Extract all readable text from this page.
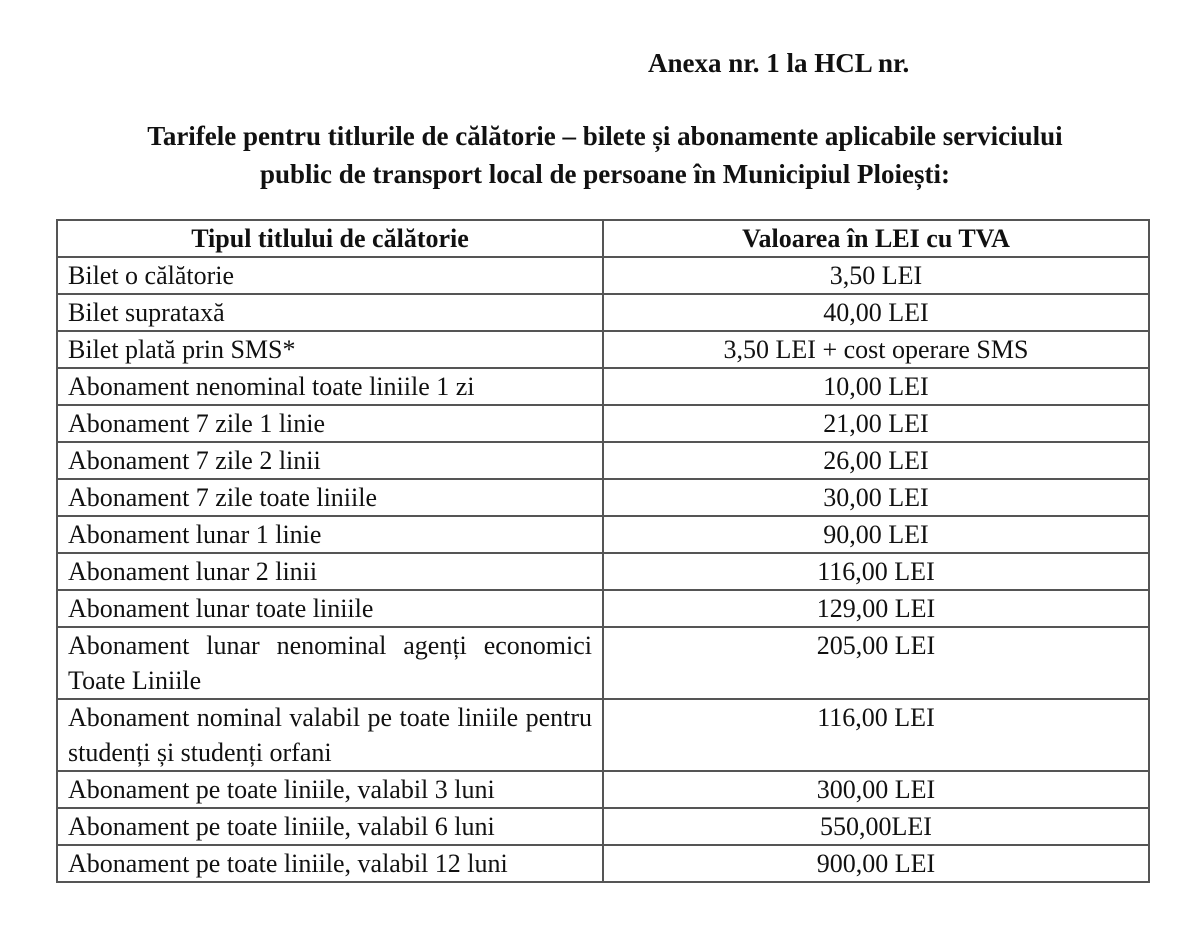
Anexa nr. 1 la HCL nr.
Tarifele pentru titlurile de călătorie – bilete și abonamente aplicabile serviciului
public de transport local de persoane în Municipiul Ploiești:
Tipul titlului de călătorie	Valoarea în LEI cu TVA
Bilet o călătorie	3,50 LEI
Bilet suprataxă	40,00 LEI
Bilet plată prin SMS*	3,50 LEI + cost operare SMS
Abonament nenominal toate liniile 1 zi	10,00 LEI
Abonament 7 zile 1 linie	21,00 LEI
Abonament 7 zile 2 linii	26,00 LEI
Abonament 7 zile toate liniile	30,00 LEI
Abonament lunar 1 linie	90,00 LEI
Abonament lunar 2 linii	116,00 LEI
Abonament lunar toate liniile	129,00 LEI
Abonament lunar nenominal agenți economici Toate Liniile	205,00 LEI
Abonament nominal valabil pe toate liniile pentru studenți și studenți orfani	116,00 LEI
Abonament pe toate liniile, valabil 3 luni	300,00 LEI
Abonament pe toate liniile, valabil 6 luni	550,00LEI
Abonament pe toate liniile, valabil 12 luni	900,00 LEI
